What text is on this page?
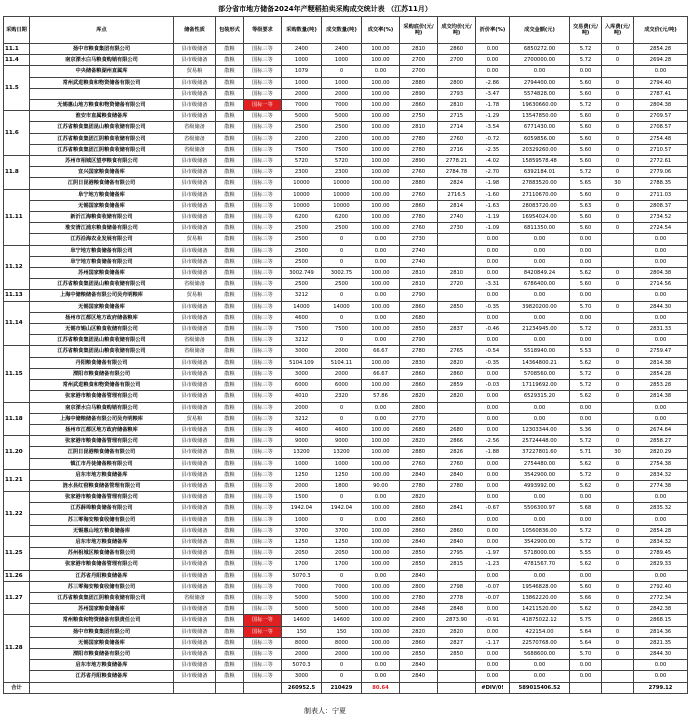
部分省市地方储备2024年产粳稻拍卖采购成交统计表 （江苏11月）
采购日期	库点	储备性质	包装形式	等级要求	采购数量(吨)	成交数量(吨)	成交率(%)	采购底价(元/吨)	成交均价(元/吨)	折价率(%)	成交金额(元)	交易费(元/吨)	入库费(元/吨)	成交价(元/吨)
11.1	扬中市粮食集团有限公司	县市级储备	散粮	国标三等	2400	2400	100.00	2810	2860	0.00	6850272.00	5.72	0	2854.28
11.4	南京溧水白马粮食购销有限公司	县市级储备	散粮	国标三等	1000	1000	100.00	2700	2700	0.00	2700000.00	5.72	0	2694.28
11.5	中央储备粮湖州直属库	贸易粮	散粮	国标三等	1079	0	0.00	2700		0.00	0.00	0.00		0.00
	常州武进粮食和物资储备有限公司	县市级储备	散粮	国标三等	1000	1000	100.00	2880	2800	-2.86	2794400.00	5.60	0	2794.40
		县市级储备	散粮	国标三等	2000	2000	100.00	2890	2793	-3.47	5574828.00	5.60	0	2787.41
	无锡惠山地方粮食和物资储备有限公司	县市级储备	散粮	国标一等	7000	7000	100.00	2860	2810	-1.78	19630660.00	5.72	0	2804.38
11.6	淮安市直属粮食储备库	县市级储备	散粮	国标三等	5000	5000	100.00	2750	2715	-1.29	13547850.00	5.60	0	2709.57
	江苏省粮食集团昆山粮食收储有限公司	省级储备	散粮	国标三等	2500	2500	100.00	2810	2714	-3.54	6771430.00	5.60	0	2708.57
	江苏省粮食集团江阴粮食收储有限公司	省级储备	散粮	国标三等	2200	2200	100.00	2780	2760	-0.72	6059856.00	5.60	0	2754.48
	江苏省粮食集团江阴粮食收储有限公司	省级储备	散粮	国标三等	7500	7500	100.00	2780	2716	-2.35	20329260.00	5.60	0	2710.57
11.8	苏州市相城区望亭粮食有限公司	县市级储备	散粮	国标三等	5720	5720	100.00	2890	2778.21	-4.02	15859578.48	5.60	0	2772.61
	宜兴国家粮食储备库	县市级储备	散粮	国标三等	2300	2300	100.00	2760	2784.78	-2.70	6392184.01	5.72	0	2779.06
	江阴日昆港粮食储备有限公司	县市级储备	散粮	国标三等	10000	10000	100.00	2880	2824	-1.98	27883520.00	5.65	30	2788.35
11.11	阜宁地方粮食储备库	县市级储备	散粮	国标三等	10000	10000	100.00	2760	2716.5	-1.60	27110670.00	5.60	0	2711.03
	无锡国家粮食储备库	县市级储备	散粮	国标三等	10000	10000	100.00	2860	2814	-1.63	28083720.00	5.63	0	2808.37
	新沂江海粮食收储有限公司	县市级储备	散粮	国标三等	6200	6200	100.00	2780	2740	-1.19	16954024.00	5.60	0	2734.52
	淮安清江浦东粮食储备有限公司	县市级储备	散粮	国标三等	2500	2500	100.00	2760	2730	-1.09	6811350.00	5.60	0	2724.54
	江苏沿海农业发展有限公司	贸易粮	散粮	国标三等	2500	0	0.00	2730		0.00	0.00	0.00		0.00
11.12	阜宁地方粮食储备有限公司	县市级储备	散粮	国标三等	2500	0	0.00	2740		0.00	0.00	0.00		0.00
	阜宁地方粮食储备有限公司	县市级储备	散粮	国标三等	2500	0	0.00	2740		0.00	0.00	0.00		0.00
	苏州国家粮食储备库	县市级储备	散粮	国标三等	3002.749	3002.75	100.00	2810	2810	0.00	8420849.24	5.62	0	2804.38
	江苏省粮食集团昆山粮食收储有限公司	省级储备	散粮	国标三等	2500	2500	100.00	2810	2720	-3.31	6786400.00	5.60	0	2714.56
11.13	上海中储粮储备有限公司吴舟明粮库	贸易粮	散粮	国标三等	3212	0	0.00	2790		0.00	0.00	0.00		0.00
11.14	无锡国家粮食储备库	县市级储备	散粮	国标三等	14000	14000	100.00	2860	2850	-0.35	39820200.00	5.70	0	2844.30
	扬州市江都区地方政府储备粮库	县市级储备	散粮	国标三等	4600	0	0.00	2680		0.00	0.00	0.00		0.00
	无锡市锡山区粮食收储有限公司	县市级储备	散粮	国标三等	7500	7500	100.00	2850	2837	-0.46	21234945.00	5.72	0	2831.33
	江苏省粮食集团昆山粮食收储有限公司	省级储备	散粮	国标三等	3212	0	0.00	2790		0.00	0.00	0.00		0.00
11.15	江苏省粮食集团昆山粮食收储有限公司	省级储备	散粮	国标三等	3000	2000	66.67	2780	2765	-0.54	5518940.00	5.53	0	2759.47
	丹阳粮食储备有限公司	县市级储备	散粮	国标三等	5104.109	5104.11	100.00	2830	2820	-0.35	14364800.21	5.62	0	2814.38
	溧阳市粮食储备有限公司	县市级储备	散粮	国标三等	3000	2000	66.67	2860	2860	0.00	5708560.00	5.72	0	2854.28
	常州武进粮食和物资储备有限公司	县市级储备	散粮	国标三等	6000	6000	100.00	2860	2859	-0.03	17119692.00	5.72	0	2853.28
	张家港市粮食储备管理有限公司	县市级储备	散粮	国标三等	4010	2320	57.86	2820	2820	0.00	6529315.20	5.62	0	2814.38
11.18	南京溧水白马粮食购销有限公司	县市级储备	散粮	国标三等	2000	0	0.00	2800		0.00	0.00	0.00		0.00
	上海中储粮储备有限公司吴舟明粮库	贸易粮	散粮	国标三等	3212	0	0.00	2770		0.00	0.00	0.00		0.00
	扬州市江都区地方政府储备粮库	县市级储备	散粮	国标三等	4600	4600	100.00	2680	2680	0.00	12303344.00	5.36	0	2674.64
11.20	张家港市粮食储备管理有限公司	县市级储备	散粮	国标三等	9000	9000	100.00	2820	2866	-2.56	25724448.00	5.72	0	2858.27
	江阴日昆港粮食储备有限公司	县市级储备	散粮	国标三等	13200	13200	100.00	2880	2826	-1.88	37227801.60	5.71	30	2820.29
	镇江市丹徒储备粮有限公司	县市级储备	散粮	国标三等	1000	1000	100.00	2760	2760	0.00	2754480.00	5.62	0	2754.38
11.21	启东市地方粮食储备库	县市级储备	散粮	国标三等	1250	1250	100.00	2840	2840	0.00	3542900.00	5.72	0	2834.32
	涟水县红窑粮食储备管理有限公司	县市级储备	散粮	国标三等	2000	1800	90.00	2780	2780	0.00	4993992.00	5.62	0	2774.38
11.22	张家港市粮食储备管理有限公司	县市级储备	散粮	国标三等	1500	0	0.00	2820		0.00	0.00	0.00		0.00
	江苏薛埠粮食储备有限公司	县市级储备	散粮	国标三等	1942.04	1942.04	100.00	2860	2841	-0.67	5506300.97	5.68	0	2835.32
	苏三零海安粮食收储有限公司	县市级储备	散粮	国标三等	1000	0	0.00	2860		0.00	0.00	0.00		0.00
	无锡惠山地方粮食储备库	县市级储备	散粮	国标三等	3700	3700	100.00	2860	2860	0.00	10560836.00	5.72	0	2854.28
11.25	启东市地方粮食储备库	县市级储备	散粮	国标三等	1250	1250	100.00	2840	2840	0.00	3542900.00	5.72	0	2834.32
	苏州相城区粮食储备有限公司	县市级储备	散粮	国标三等	2050	2050	100.00	2850	2795	-1.97	5718000.00	5.55	0	2789.45
	张家港市粮食储备管理有限公司	县市级储备	散粮	国标三等	1700	1700	100.00	2850	2815	-1.23	4781567.70	5.62	0	2829.33
11.26	江苏省丹阳粮食储备库	县市级储备	散粮	国标三等	5070.3	0	0.00	2840		0.00	0.00	0.00		0.00
11.27	苏三零海安粮食收储有限公司	县市级储备	散粮	国标三等	7000	7000	100.00	2800	2798	-0.07	19546828.00	5.60	0	2792.40
	江苏省粮食集团江阴粮食收储有限公司	省级储备	散粮	国标三等	5000	5000	100.00	2780	2778	-0.07	13862220.00	5.66	0	2772.34
	苏州国家粮食储备库	县市级储备	散粮	国标三等	5000	5000	100.00	2848	2848	0.00	14211520.00	5.62	0	2842.38
11.28	常州粮食和物资储备有限责任公司	县市级储备	散粮	国标一等	14600	14600	100.00	2900	2873.90	-0.91	41875022.12	5.75	0	2868.15
	扬中市粮食集团有限公司	县市级储备	散粮	国标一等	150	150	100.00	2820	2820	0.00	422154.00	5.64	0	2814.36
	无锡国家粮食储备库	县市级储备	散粮	国标三等	8000	8000	100.00	2860	2827	-1.17	22570768.00	5.64	0	2821.35
	溧阳市粮食储备有限公司	县市级储备	散粮	国标三等	2000	2000	100.00	2850	2850	0.00	5688600.00	5.70	0	2844.30
	启东市地方粮食储备库	县市级储备	散粮	国标三等	5070.3	0	0.00	2840		0.00	0.00	0.00		0.00
	江苏省丹阳粮食储备库	县市级储备	散粮	国标三等	3000	0	0.00	2840		0.00	0.00	0.00		0.00
合计					260952.5	210429	80.64			#DIV/0!	589015406.52			2799.12
制表人：宁夏
